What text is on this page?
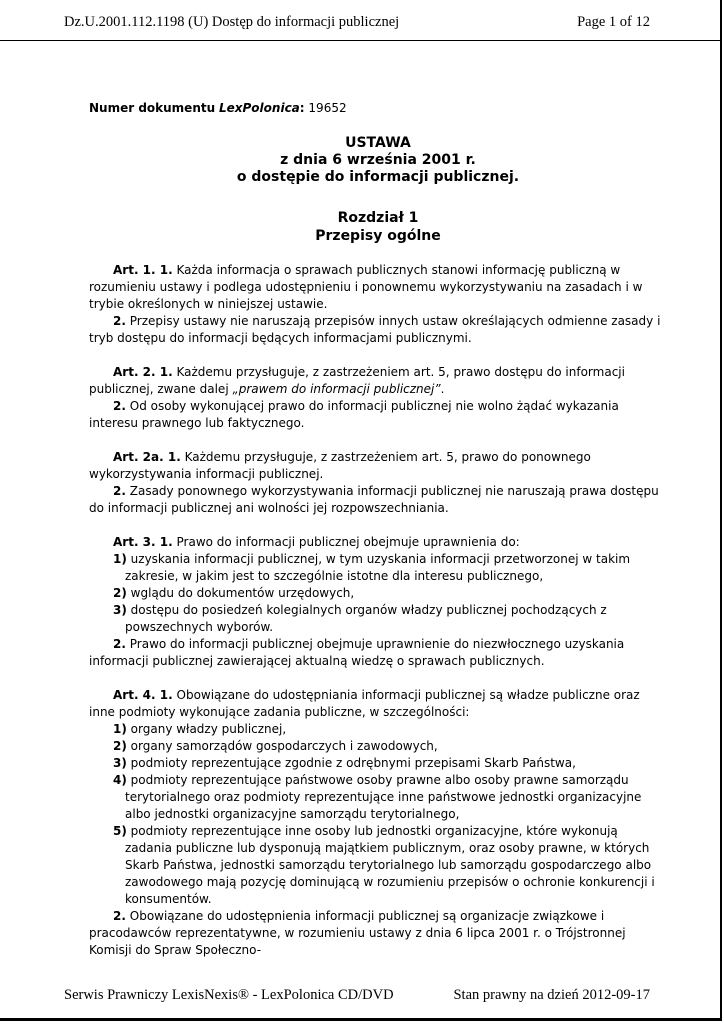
Dz.U.2001.112.1198 (U) Dostęp do informacji publicznej	Page 1 of 12

Numer dokumentu LexPolonica: 19652

USTAWA
z dnia 6 września 2001 r.
o dostępie do informacji publicznej.
Rozdział 1
Przepisy ogólne

Art. 1. 1. Każda informacja o sprawach publicznych stanowi informację publiczną w rozumieniu ustawy i podlega udostępnieniu i ponownemu wykorzystywaniu na zasadach i w trybie określonych w niniejszej ustawie.

2. Przepisy ustawy nie naruszają przepisów innych ustaw określających odmienne zasady i tryb dostępu do informacji będących informacjami publicznymi.

Art. 2. 1. Każdemu przysługuje, z zastrzeżeniem art. 5, prawo dostępu do informacji publicznej, zwane dalej „prawem do informacji publicznej”.

2. Od osoby wykonującej prawo do informacji publicznej nie wolno żądać wykazania interesu prawnego lub faktycznego.

Art. 2a. 1. Każdemu przysługuje, z zastrzeżeniem art. 5, prawo do ponownego wykorzystywania informacji publicznej.

2. Zasady ponownego wykorzystywania informacji publicznej nie naruszają prawa dostępu do informacji publicznej ani wolności jej rozpowszechniania.

Art. 3. 1. Prawo do informacji publicznej obejmuje uprawnienia do:

1) uzyskania informacji publicznej, w tym uzyskania informacji przetworzonej w takim zakresie, w jakim jest to szczególnie istotne dla interesu publicznego,

2) wglądu do dokumentów urzędowych,

3) dostępu do posiedzeń kolegialnych organów władzy publicznej pochodzących z powszechnych wyborów.

2. Prawo do informacji publicznej obejmuje uprawnienie do niezwłocznego uzyskania informacji publicznej zawierającej aktualną wiedzę o sprawach publicznych.

Art. 4. 1. Obowiązane do udostępniania informacji publicznej są władze publiczne oraz inne podmioty wykonujące zadania publiczne, w szczególności:

1) organy władzy publicznej,

2) organy samorządów gospodarczych i zawodowych,

3) podmioty reprezentujące zgodnie z odrębnymi przepisami Skarb Państwa,

4) podmioty reprezentujące państwowe osoby prawne albo osoby prawne samorządu terytorialnego oraz podmioty reprezentujące inne państwowe jednostki organizacyjne albo jednostki organizacyjne samorządu terytorialnego,

5) podmioty reprezentujące inne osoby lub jednostki organizacyjne, które wykonują zadania publiczne lub dysponują majątkiem publicznym, oraz osoby prawne, w których Skarb Państwa, jednostki samorządu terytorialnego lub samorządu gospodarczego albo zawodowego mają pozycję dominującą w rozumieniu przepisów o ochronie konkurencji i konsumentów.

2. Obowiązane do udostępnienia informacji publicznej są organizacje związkowe i pracodawców reprezentatywne, w rozumieniu ustawy z dnia 6 lipca 2001 r. o Trójstronnej Komisji do Spraw Społeczno-

Serwis Prawniczy LexisNexis® - LexPolonica CD/DVD	Stan prawny na dzień 2012-09-17
